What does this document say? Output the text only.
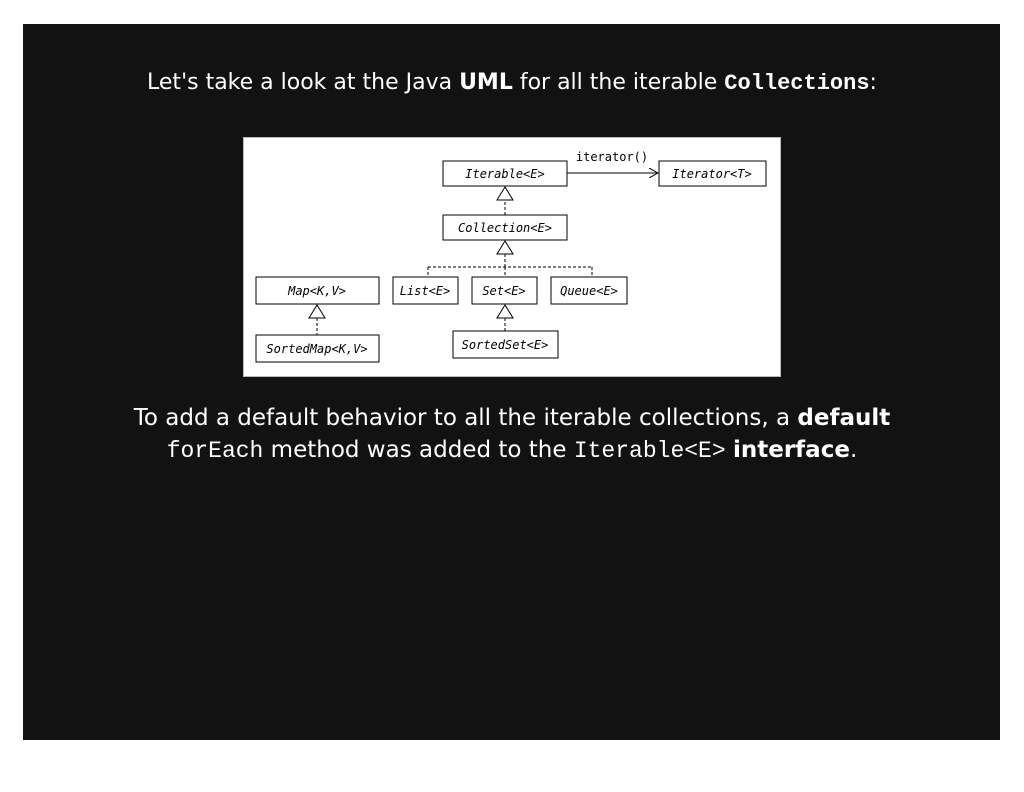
Let's take a look at the Java UML for all the iterable Collections:
Iterable<E>	Iterator<T>
iterator()
Collection<E>
Map<K,V>	List<E>	Set<E>	Queue<E>
SortedMap<K,V>	SortedSet<E>
To add a default behavior to all the iterable collections, a default
forEach method was added to the Iterable<E> interface.
